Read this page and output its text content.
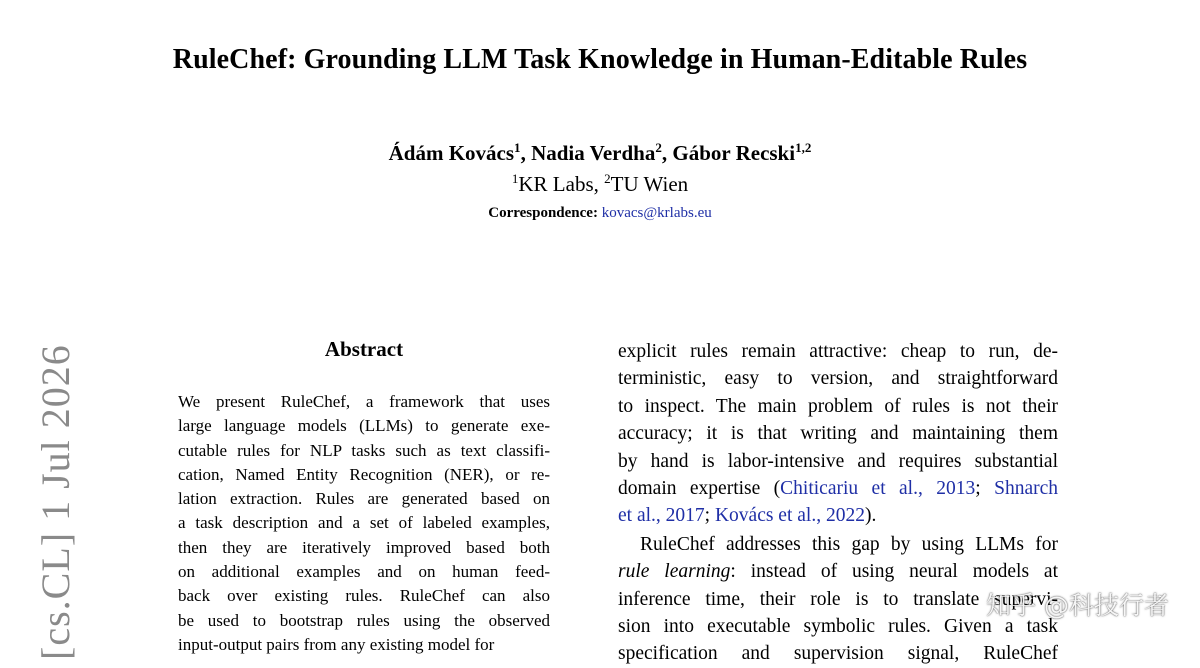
RuleChef: Grounding LLM Task Knowledge in Human-Editable Rules
Ádám Kovács$^1$, Nadia Verdha$^2$, Gábor Recski$^{1,2}$
$^1$KR Labs, $^2$TU Wien
Correspondence: kovacs@krlabs.eu
Abstract
We present RuleChef, a framework that uses
large language models (LLMs) to generate exe-
cutable rules for NLP tasks such as text classifi-
cation, Named Entity Recognition (NER), or re-
lation extraction. Rules are generated based on
a task description and a set of labeled examples,
then they are iteratively improved based both
on additional examples and on human feed-
back over existing rules. RuleChef can also
be used to bootstrap rules using the observed
input-output pairs from any existing model for
explicit rules remain attractive: cheap to run, de-
terministic, easy to version, and straightforward
to inspect. The main problem of rules is not their
accuracy; it is that writing and maintaining them
by hand is labor-intensive and requires substantial
domain expertise (Chiticariu et al., 2013; Shnarch
et al., 2017; Kovács et al., 2022).
RuleChef addresses this gap by using LLMs for
rule learning: instead of using neural models at
inference time, their role is to translate supervi-
sion into executable symbolic rules. Given a task
specification and supervision signal, RuleChef
[cs.CL] 1 Jul 2026	知乎 @科技行者
